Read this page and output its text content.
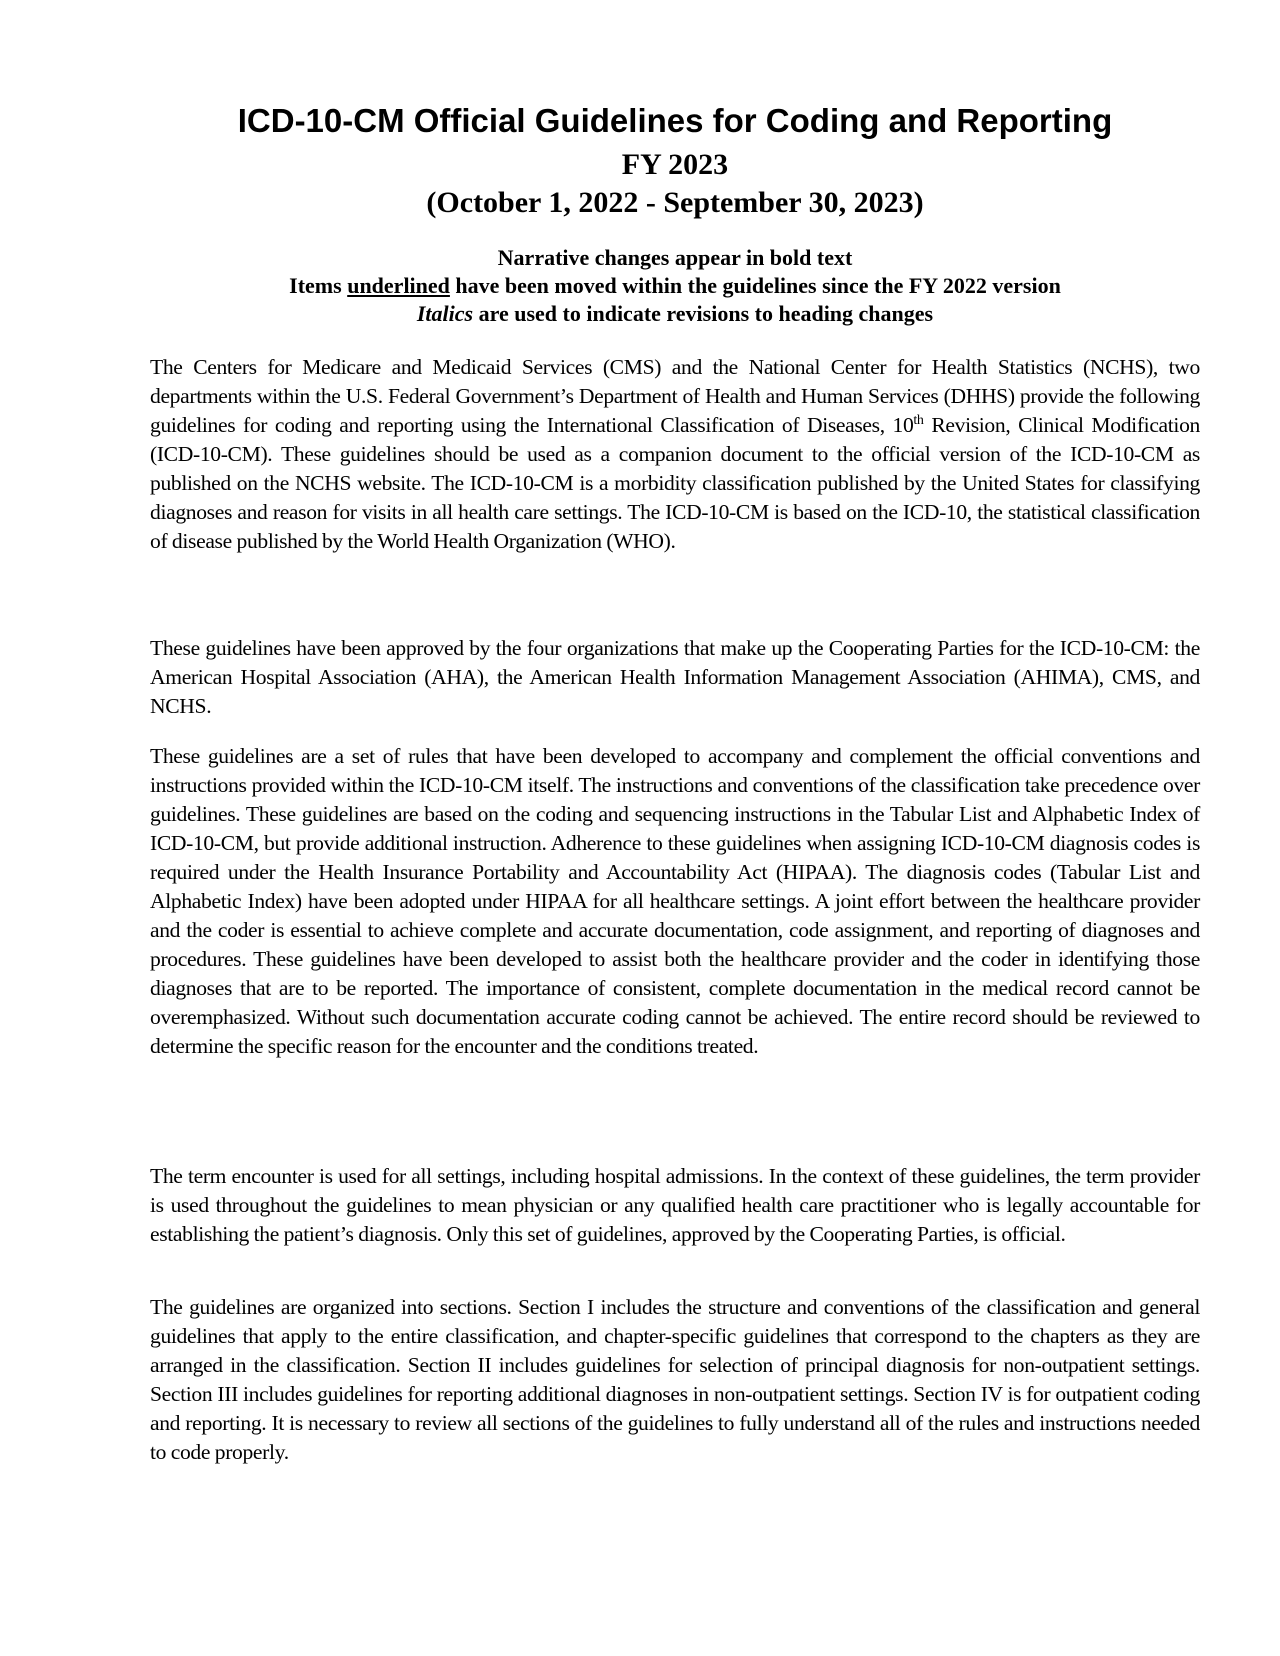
ICD-10-CM Official Guidelines for Coding and Reporting
FY 2023
(October 1, 2022 - September 30, 2023)

Narrative changes appear in bold text

Items underlined have been moved within the guidelines since the FY 2022 version

Italics are used to indicate revisions to heading changes

The Centers for Medicare and Medicaid Services (CMS) and the National Center for Health Statistics (NCHS), two departments within the U.S. Federal Government’s Department of Health and Human Services (DHHS) provide the following guidelines for coding and reporting using the International Classification of Diseases, 10th Revision, Clinical Modification (ICD-10-CM). These guidelines should be used as a companion document to the official version of the ICD-10-CM as published on the NCHS website. The ICD-10-CM is a morbidity classification published by the United States for classifying diagnoses and reason for visits in all health care settings. The ICD-10-CM is based on the ICD-10, the statistical classification of disease published by the World Health Organization (WHO).

These guidelines have been approved by the four organizations that make up the Cooperating Parties for the ICD-10-CM: the American Hospital Association (AHA), the American Health Information Management Association (AHIMA), CMS, and NCHS.

These guidelines are a set of rules that have been developed to accompany and complement the official conventions and instructions provided within the ICD-10-CM itself. The instructions and conventions of the classification take precedence over guidelines. These guidelines are based on the coding and sequencing instructions in the Tabular List and Alphabetic Index of ICD-10-CM, but provide additional instruction. Adherence to these guidelines when assigning ICD-10-CM diagnosis codes is required under the Health Insurance Portability and Accountability Act (HIPAA). The diagnosis codes (Tabular List and Alphabetic Index) have been adopted under HIPAA for all healthcare settings. A joint effort between the healthcare provider and the coder is essential to achieve complete and accurate documentation, code assignment, and reporting of diagnoses and procedures. These guidelines have been developed to assist both the healthcare provider and the coder in identifying those diagnoses that are to be reported. The importance of consistent, complete documentation in the medical record cannot be overemphasized. Without such documentation accurate coding cannot be achieved. The entire record should be reviewed to determine the specific reason for the encounter and the conditions treated.

The term encounter is used for all settings, including hospital admissions. In the context of these guidelines, the term provider is used throughout the guidelines to mean physician or any qualified health care practitioner who is legally accountable for establishing the patient’s diagnosis. Only this set of guidelines, approved by the Cooperating Parties, is official.

The guidelines are organized into sections. Section I includes the structure and conventions of the classification and general guidelines that apply to the entire classification, and chapter-specific guidelines that correspond to the chapters as they are arranged in the classification. Section II includes guidelines for selection of principal diagnosis for non-outpatient settings. Section III includes guidelines for reporting additional diagnoses in non-outpatient settings. Section IV is for outpatient coding and reporting. It is necessary to review all sections of the guidelines to fully understand all of the rules and instructions needed to code properly.
